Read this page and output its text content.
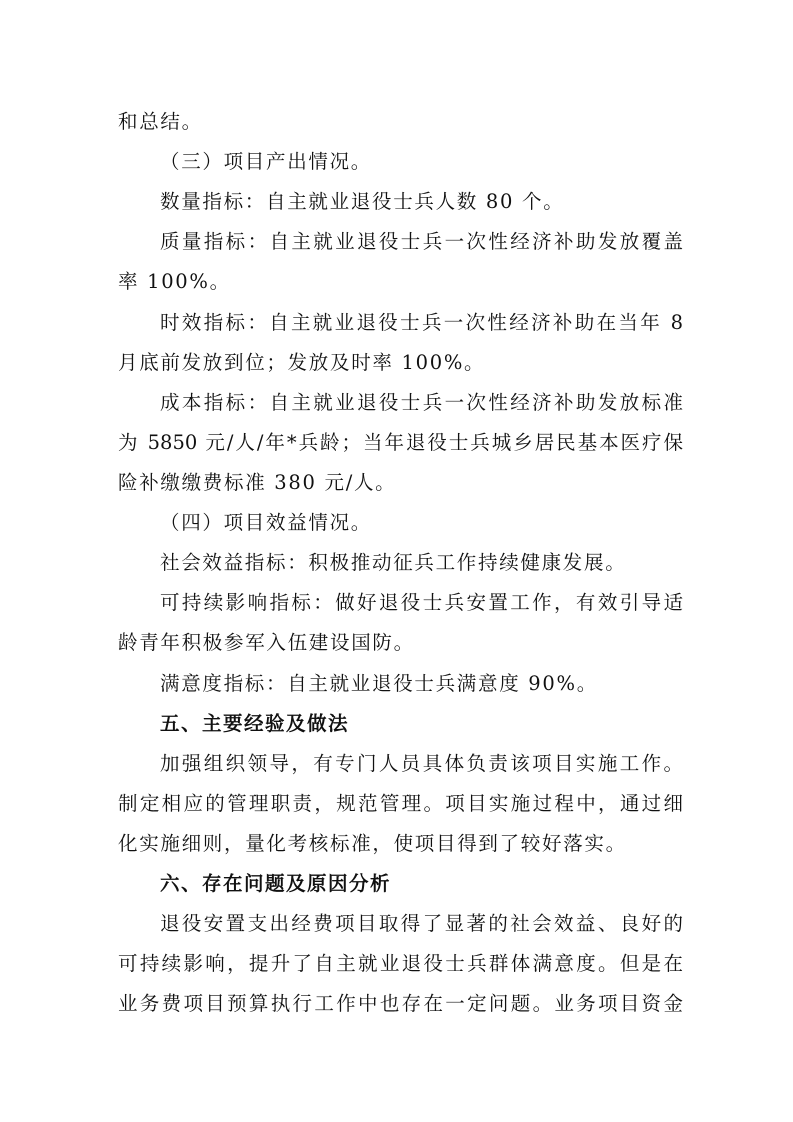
和总结。
（三）项目产出情况。
数量指标：自主就业退役士兵人数 80 个。
质量指标：自主就业退役士兵一次性经济补助发放覆盖
率 100%。
时效指标：自主就业退役士兵一次性经济补助在当年 8
月底前发放到位；发放及时率 100%。
成本指标：自主就业退役士兵一次性经济补助发放标准
为 5850 元/人/年*兵龄；当年退役士兵城乡居民基本医疗保
险补缴缴费标准 380 元/人。
（四）项目效益情况。
社会效益指标：积极推动征兵工作持续健康发展。
可持续影响指标：做好退役士兵安置工作，有效引导适
龄青年积极参军入伍建设国防。
满意度指标：自主就业退役士兵满意度 90%。
五、主要经验及做法
加强组织领导，有专门人员具体负责该项目实施工作。
制定相应的管理职责，规范管理。项目实施过程中，通过细
化实施细则，量化考核标准，使项目得到了较好落实。
六、存在问题及原因分析
退役安置支出经费项目取得了显著的社会效益、良好的
可持续影响，提升了自主就业退役士兵群体满意度。但是在
业务费项目预算执行工作中也存在一定问题。业务项目资金
